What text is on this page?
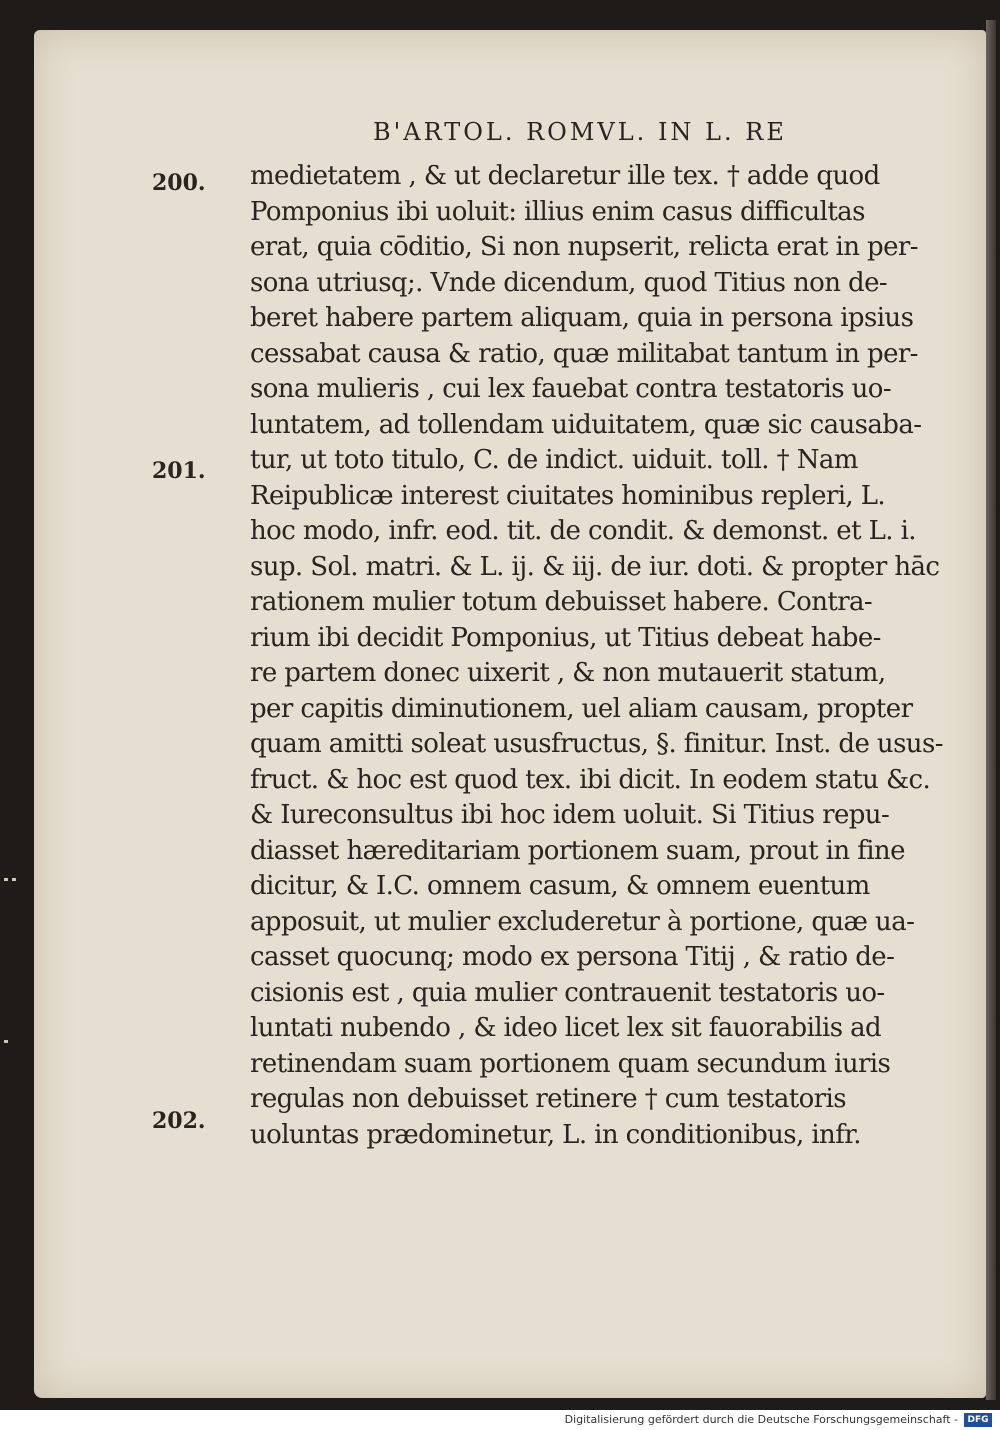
B'ARTOL. ROMVL. IN L. RE
200.
201.
202.
medietatem , & ut declaretur ille tex. † adde quod
Pomponius ibi uoluit: illius enim casus difficultas
erat, quia cōditio, Si non nupserit, relicta erat in per-
sona utriusq;. Vnde dicendum, quod Titius non de-
beret habere partem aliquam, quia in persona ipsius
cessabat causa & ratio, quæ militabat tantum in per-
sona mulieris , cui lex fauebat contra testatoris uo-
luntatem, ad tollendam uiduitatem, quæ sic causaba-
tur, ut toto titulo, C. de indict. uiduit. toll. † Nam
Reipublicæ interest ciuitates hominibus repleri, L.
hoc modo, infr. eod. tit. de condit. & demonst. et L. i.
sup. Sol. matri. & L. ij. & iij. de iur. doti. & propter hāc
rationem mulier totum debuisset habere. Contra-
rium ibi decidit Pomponius, ut Titius debeat habe-
re partem donec uixerit , & non mutauerit statum,
per capitis diminutionem, uel aliam causam, propter
quam amitti soleat ususfructus, §. finitur. Inst. de usus-
fruct. & hoc est quod tex. ibi dicit. In eodem statu &c.
& Iureconsultus ibi hoc idem uoluit. Si Titius repu-
diasset hæreditariam portionem suam, prout in fine
dicitur, & I.C. omnem casum, & omnem euentum
apposuit, ut mulier excluderetur à portione, quæ ua-
casset quocunq; modo ex persona Titij , & ratio de-
cisionis est , quia mulier contrauenit testatoris uo-
luntati nubendo , & ideo licet lex sit fauorabilis ad
retinendam suam portionem quam secundum iuris
regulas non debuisset retinere † cum testatoris
uoluntas prædominetur, L. in conditionibus, infr.
Digitalisierung gefördert durch die Deutsche Forschungsgemeinschaft -	DFG
